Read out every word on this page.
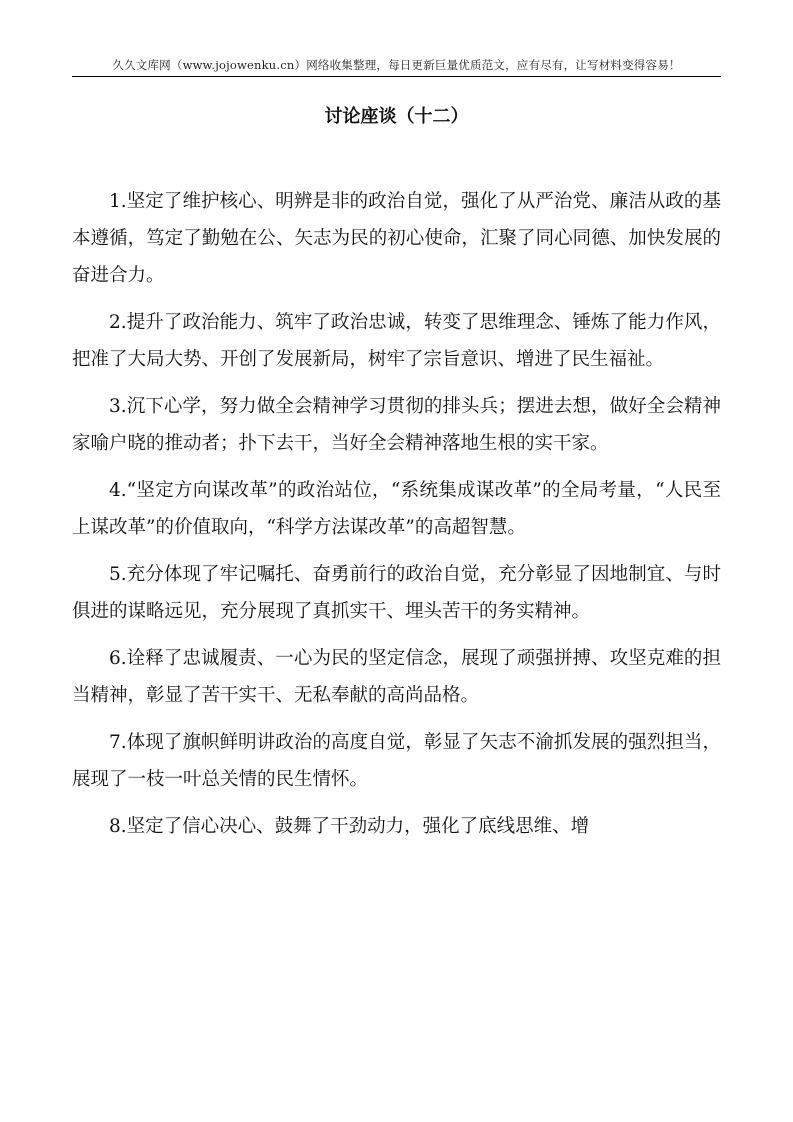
久久文库网（www.jojowenku.cn）网络收集整理，每日更新巨量优质范文，应有尽有，让写材料变得容易！
讨论座谈（十二）

1.坚定了维护核心、明辨是非的政治自觉，强化了从严治党、廉洁从政的基本遵循，笃定了勤勉在公、矢志为民的初心使命，汇聚了同心同德、加快发展的奋进合力。

2.提升了政治能力、筑牢了政治忠诚，转变了思维理念、锤炼了能力作风，把准了大局大势、开创了发展新局，树牢了宗旨意识、增进了民生福祉。

3.沉下心学，努力做全会精神学习贯彻的排头兵；摆进去想，做好全会精神家喻户晓的推动者；扑下去干，当好全会精神落地生根的实干家。

4.“坚定方向谋改革”的政治站位，“系统集成谋改革”的全局考量，“人民至上谋改革”的价值取向，“科学方法谋改革”的高超智慧。

5.充分体现了牢记嘱托、奋勇前行的政治自觉，充分彰显了因地制宜、与时俱进的谋略远见，充分展现了真抓实干、埋头苦干的务实精神。

6.诠释了忠诚履责、一心为民的坚定信念，展现了顽强拼搏、攻坚克难的担当精神，彰显了苦干实干、无私奉献的高尚品格。

7.体现了旗帜鲜明讲政治的高度自觉，彰显了矢志不渝抓发展的强烈担当，展现了一枝一叶总关情的民生情怀。

8.坚定了信心决心、鼓舞了干劲动力，强化了底线思维、增
